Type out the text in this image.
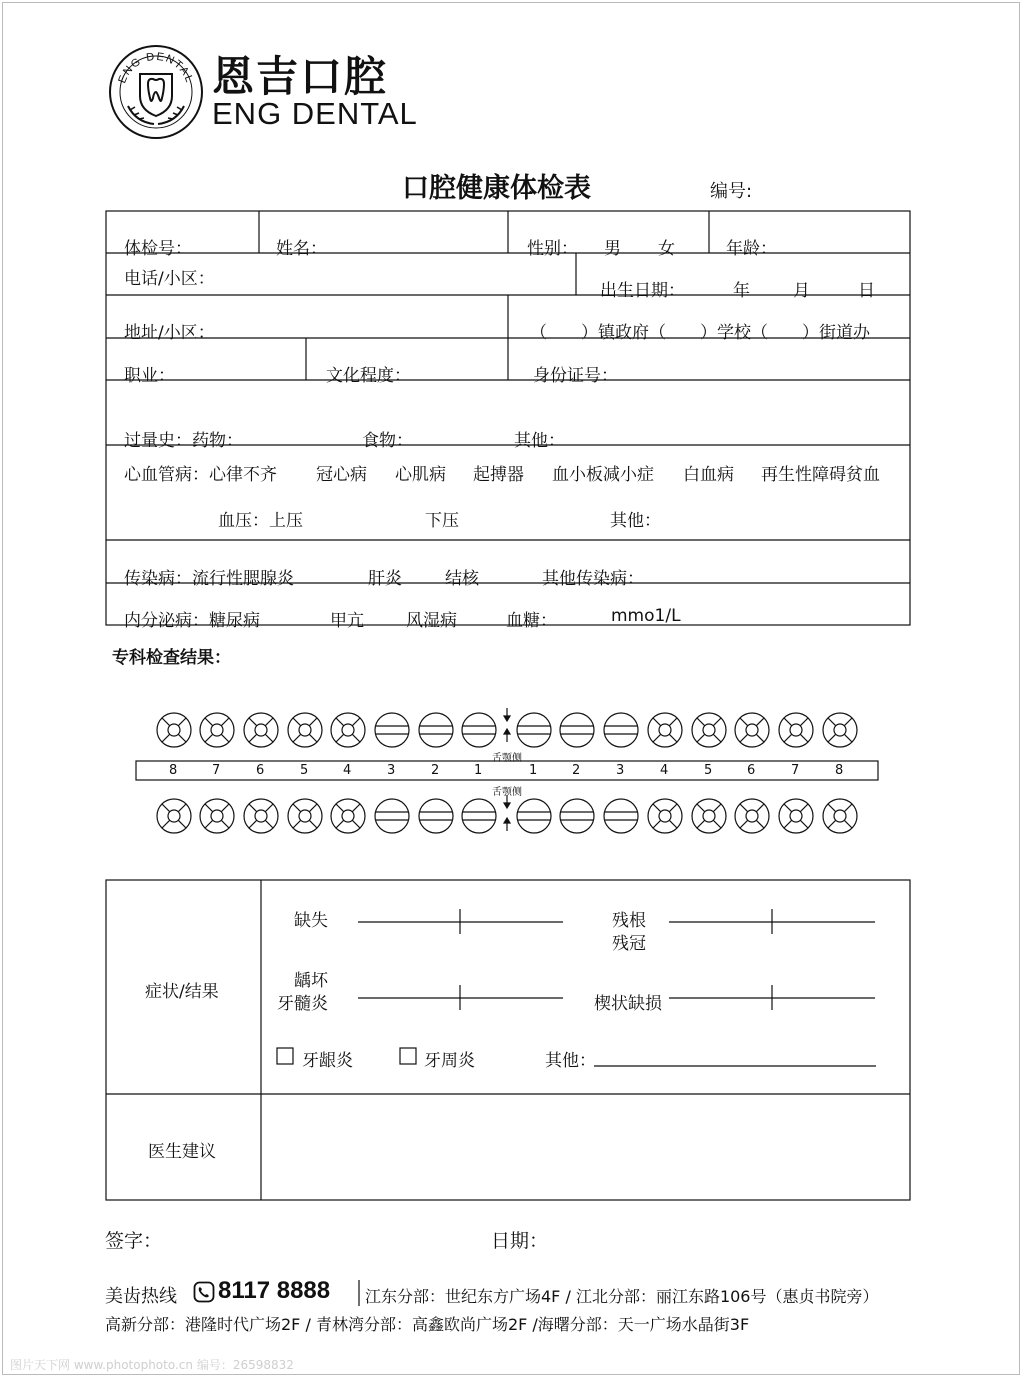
ENG DENTAL 恩吉口腔
ENG DENTAL
口腔健康体检表	编号:
体检号：	姓名：	性别： 男 女	年龄：
电话/小区：
出生日期：	年	月	日
地址/小区：	（　　）镇政府（　　）学校（　　）街道办
职业：	文化程度：	身份证号：
过量史：药物：	食物：	其他：
心血管病：心律不齐 冠心病 心肌病 起搏器 血小板减小症 白血病 再生性障碍贫血
血压：上压	下压	其他：
传染病：流行性腮腺炎	肝炎	结核	其他传染病：
内分泌病：糖尿病	甲亢 风湿病	血糖：	mmo1/L
专科检查结果：
舌颚侧
舌颚侧
8	7	6	5	4	3	2	1	1	2	3	4	5	6	7	8
症状/结果
缺失	残根
残冠
龋坏
牙髓炎	楔状缺损
牙龈炎	牙周炎	其他：
医生建议
签字：	日期：
美齿热线 8117 8888 江东分部：世纪东方广场4F / 江北分部：丽江东路106号（惠贞书院旁）
高新分部：港隆时代广场2F / 青林湾分部：高鑫欧尚广场2F /海曙分部：天一广场水晶街3F
图片天下网 www.photophoto.cn 编号：26598832
